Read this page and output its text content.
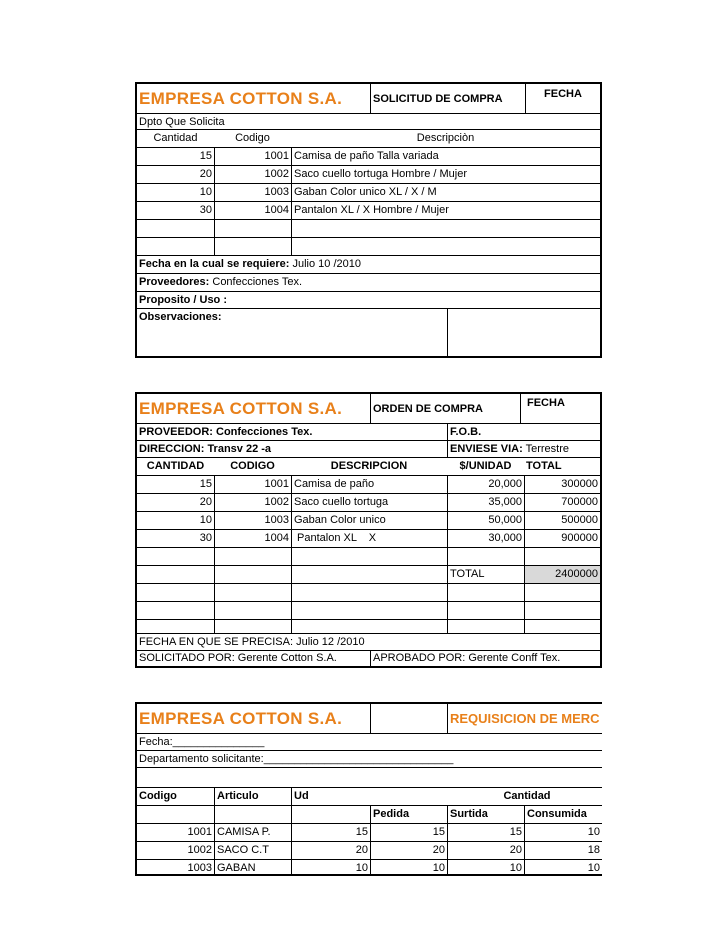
EMPRESA COTTON S.A.	SOLICITUD DE COMPRA	FECHA
Dpto Que Solicita
Cantidad	Codigo	Descripciòn
15	1001 Camisa de paño Talla variada
20	1002 Saco cuello tortuga Hombre / Mujer
10	1003 Gaban Color unico XL / X / M
30	1004 Pantalon XL / X Hombre / Mujer
Fecha en la cual se requiere: Julio 10 /2010
Proveedores: Confecciones Tex.
Proposito / Uso :
Observaciones:
EMPRESA COTTON S.A.	ORDEN DE COMPRA	FECHA
PROVEEDOR: Confecciones Tex.	F.O.B.
DIRECCION: Transv 22 -a	ENVIESE VIA: Terrestre
CANTIDAD	CODIGO	DESCRIPCION	$/UNIDAD	TOTAL
15	1001 Camisa de paño	20,000	300000
20	1002 Saco cuello tortuga	35,000	700000
10	1003 Gaban Color unico	50,000	500000
30	1004 Pantalon XL    X	30,000	900000
TOTAL	2400000
FECHA EN QUE SE PRECISA: Julio 12 /2010
SOLICITADO POR: Gerente Cotton S.A.	APROBADO POR: Gerente Conff Tex.
EMPRESA COTTON S.A.	REQUISICION DE MERC
Fecha:_______________
Departamento solicitante:_______________________________
Codigo	Articulo	Ud	Cantidad
Pedida	Surtida	Consumida
1001 CAMISA P.	15	15	15	10
1002 SACO C.T	20	20	20	18
1003 GABAN	10	10	10	10
